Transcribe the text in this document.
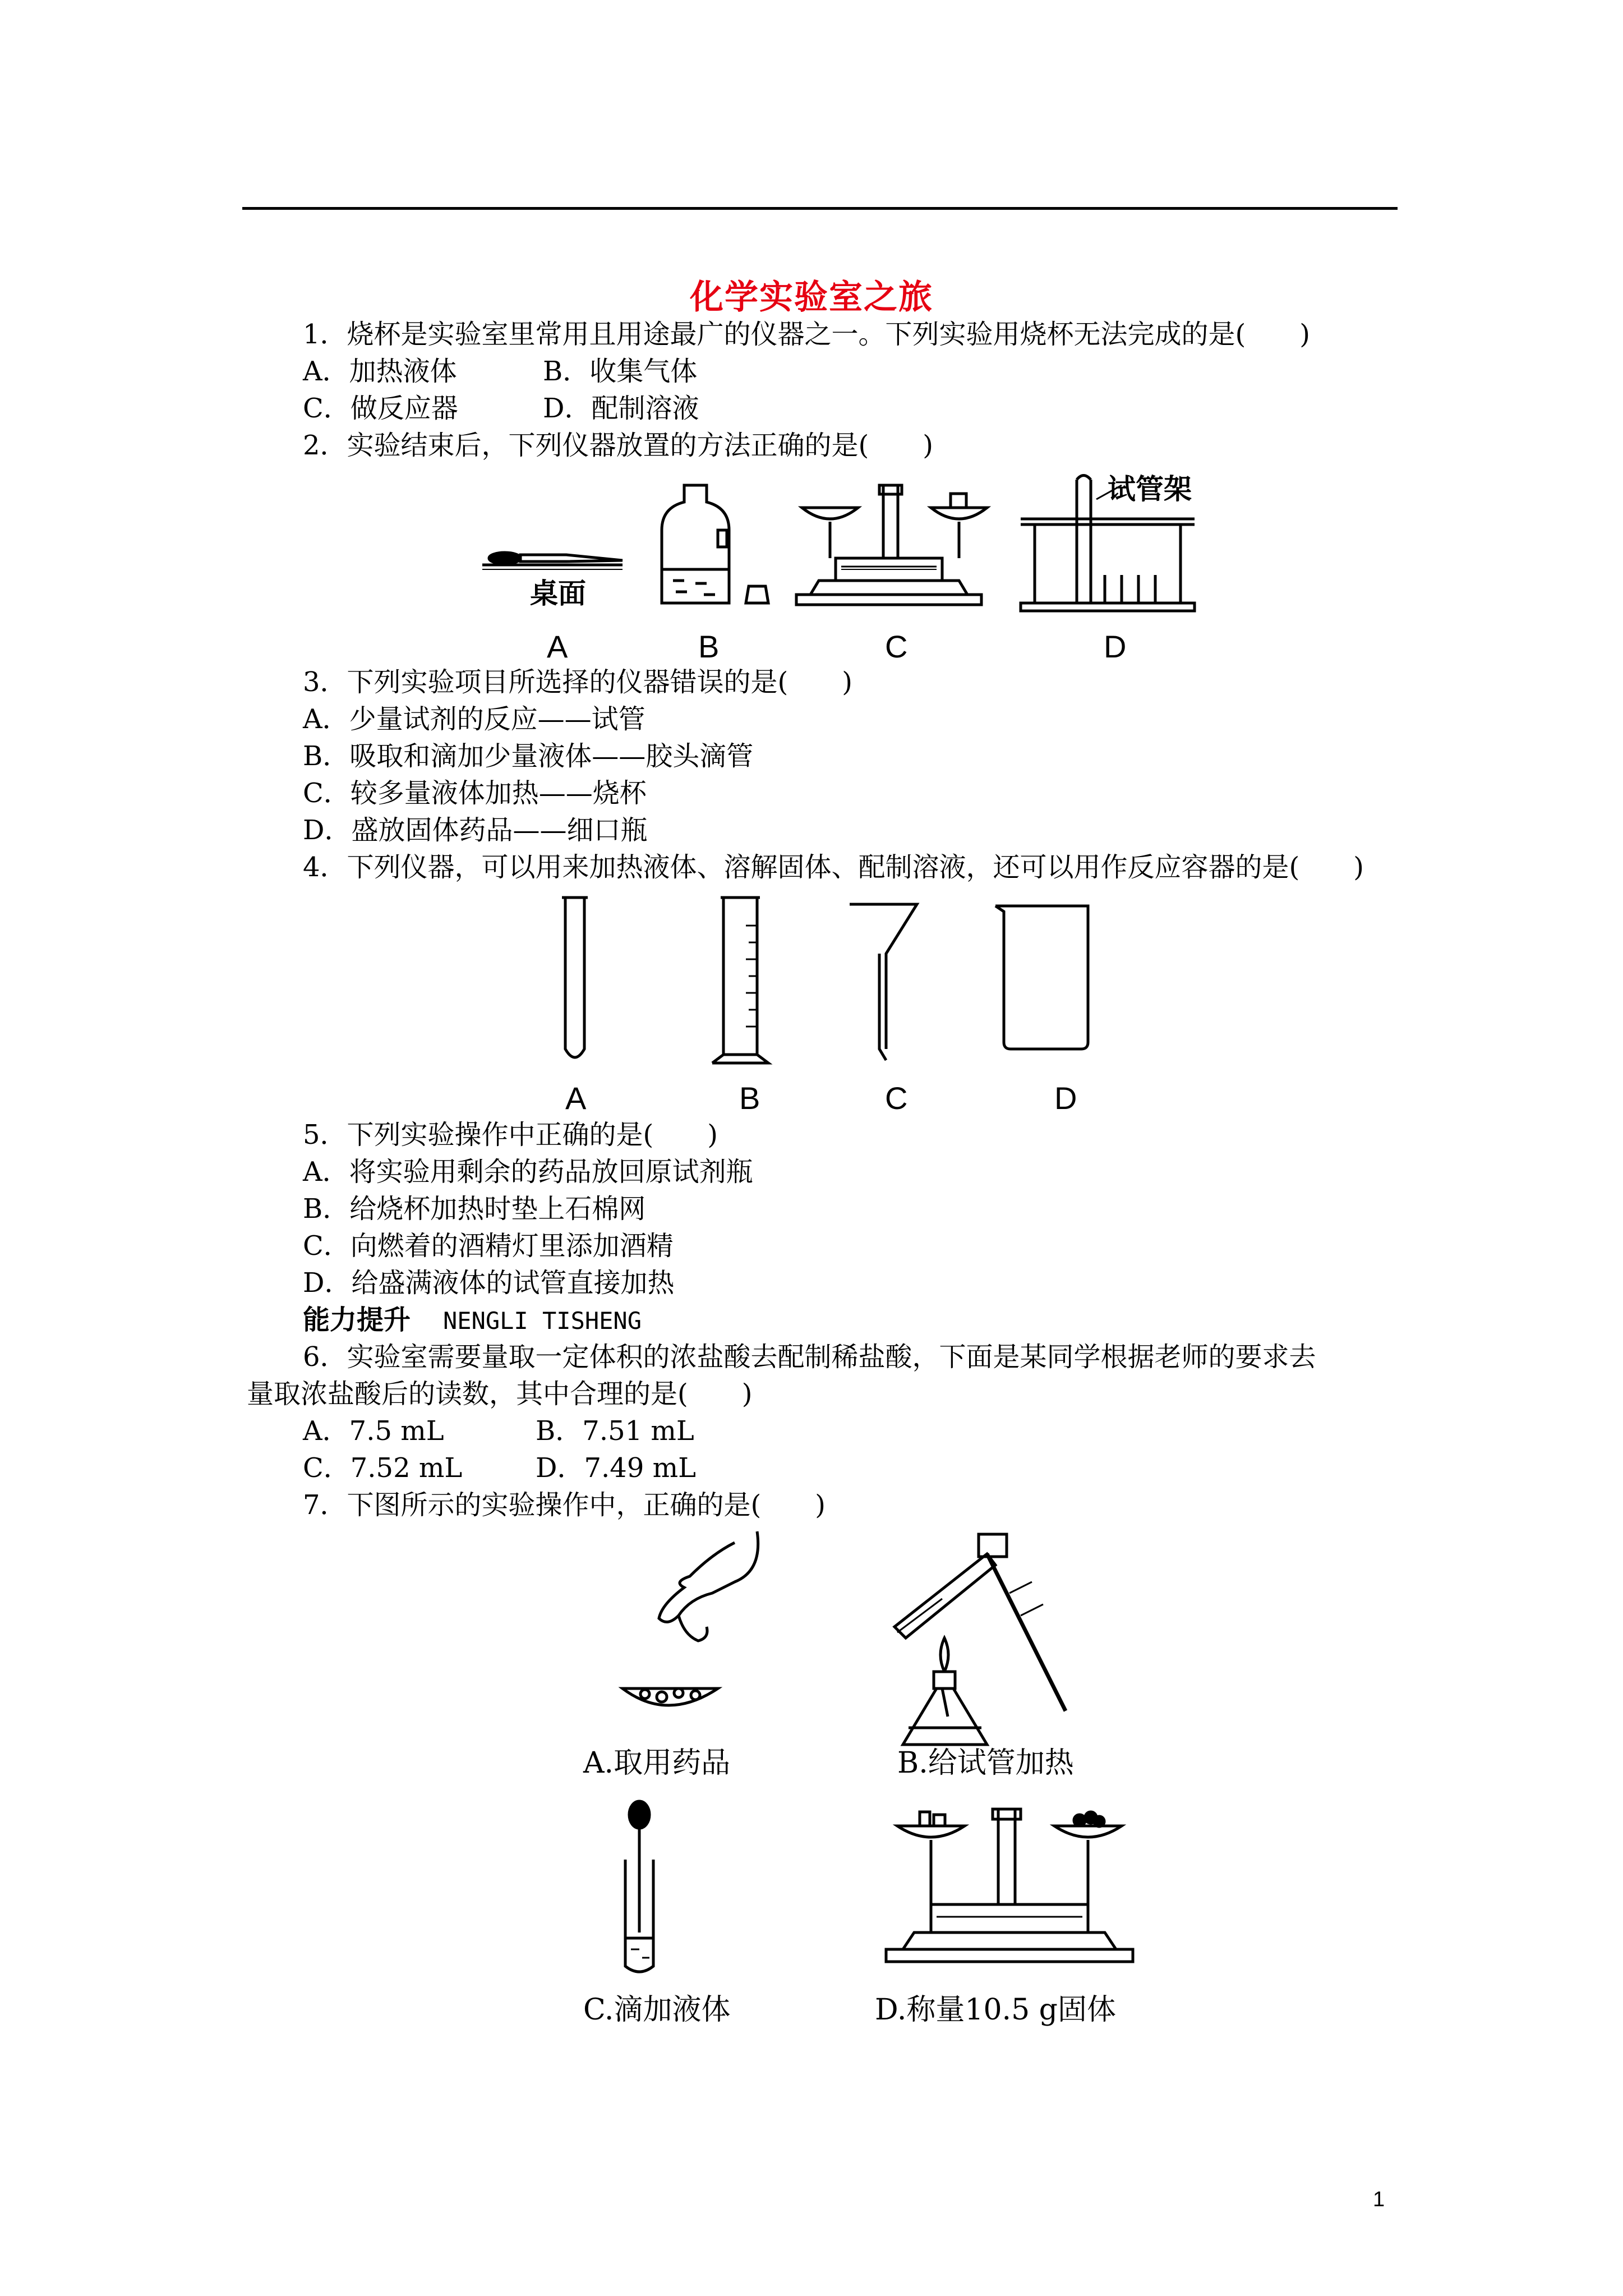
化学实验室之旅
1．烧杯是实验室里常用且用途最广的仪器之一。下列实验用烧杯无法完成的是(　　)
A．加热液体	B．收集气体
C．做反应器	D．配制溶液
2．实验结束后，下列仪器放置的方法正确的是(　　)
桌面
试管架
A	B	C	D
3．下列实验项目所选择的仪器错误的是(　　)
A．少量试剂的反应——试管
B．吸取和滴加少量液体——胶头滴管
C．较多量液体加热——烧杯
D．盛放固体药品——细口瓶
4．下列仪器，可以用来加热液体、溶解固体、配制溶液，还可以用作反应容器的是(　　)
A	B	C	D
5．下列实验操作中正确的是(　　)
A．将实验用剩余的药品放回原试剂瓶
B．给烧杯加热时垫上石棉网
C．向燃着的酒精灯里添加酒精
D．给盛满液体的试管直接加热
能力提升 NENGLI TISHENG
6．实验室需要量取一定体积的浓盐酸去配制稀盐酸，下面是某同学根据老师的要求去
量取浓盐酸后的读数，其中合理的是(　　)
A．7.5 mL	B．7.51 mL
C．7.52 mL	D．7.49 mL
7．下图所示的实验操作中，正确的是(　　)
A.取用药品	B.给试管加热
C.滴加液体	D.称量10.5 g固体
1
